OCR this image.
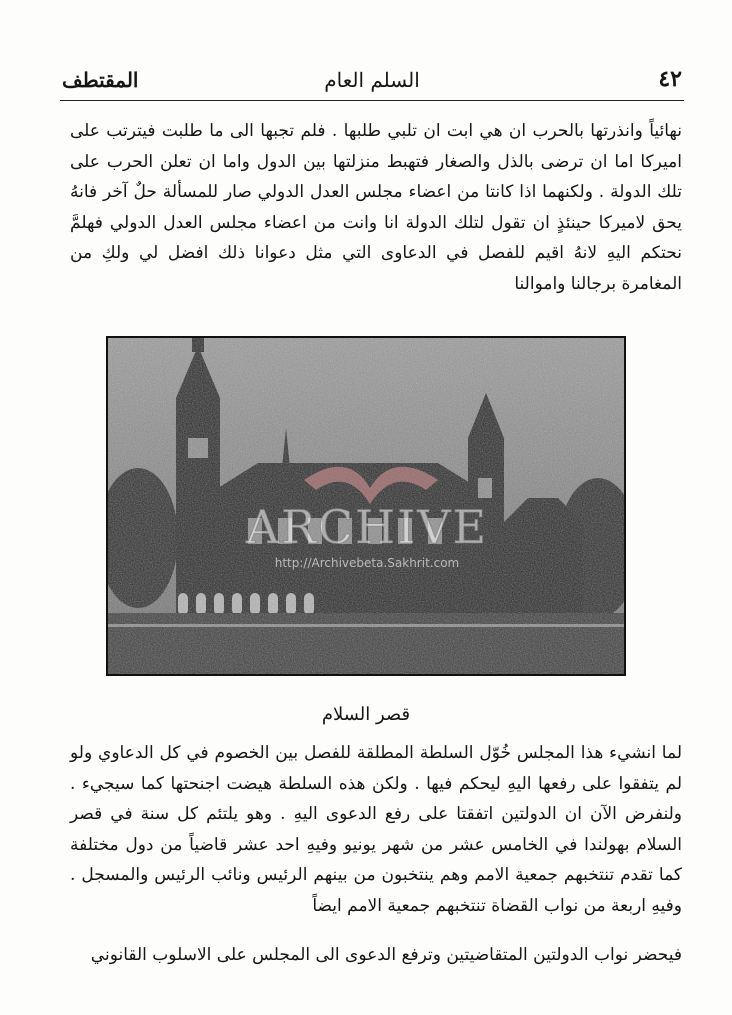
٤٢
السلم العام
المقتطف

نهائياً وانذرتها بالحرب ان هي ابت ان تلبي طلبها . فلم تجبها الى ما طلبت فيترتب على اميركا اما ان ترضى بالذل والصغار فتهبط منزلتها بين الدول واما ان تعلن الحرب على تلك الدولة . ولكنهما اذا كانتا من اعضاء مجلس العدل الدولي صار للمسألة حلٌ آخر فانهُ يحق لاميركا حينئذٍ ان تقول لتلك الدولة انا وانت من اعضاء مجلس العدل الدولي فهلمَّ نحتكم اليهِ لانهُ اقيم للفصل في الدعاوى التي مثل دعوانا ذلك افضل لي ولكِ من المغامرة برجالنا واموالنا

ARCHIVE
http://Archivebeta.Sakhrit.com
قصر السلام

لما انشيء هذا المجلس خُوّل السلطة المطلقة للفصل بين الخصوم في كل الدعاوي ولو لم يتفقوا على رفعها اليهِ ليحكم فيها . ولكن هذه السلطة هيضت اجنحتها كما سيجيء . ولنفرض الآن ان الدولتين اتفقتا على رفع الدعوى اليهِ . وهو يلتئم كل سنة في قصر السلام بهولندا في الخامس عشر من شهر يونيو وفيهِ احد عشر قاضياً من دول مختلفة كما تقدم تنتخبهم جمعية الامم وهم ينتخبون من بينهم الرئيس ونائب الرئيس والمسجل . وفيهِ اربعة من نواب القضاة تنتخبهم جمعية الامم ايضاً

فيحضر نواب الدولتين المتقاضيتين وترفع الدعوى الى المجلس على الاسلوب القانوني
